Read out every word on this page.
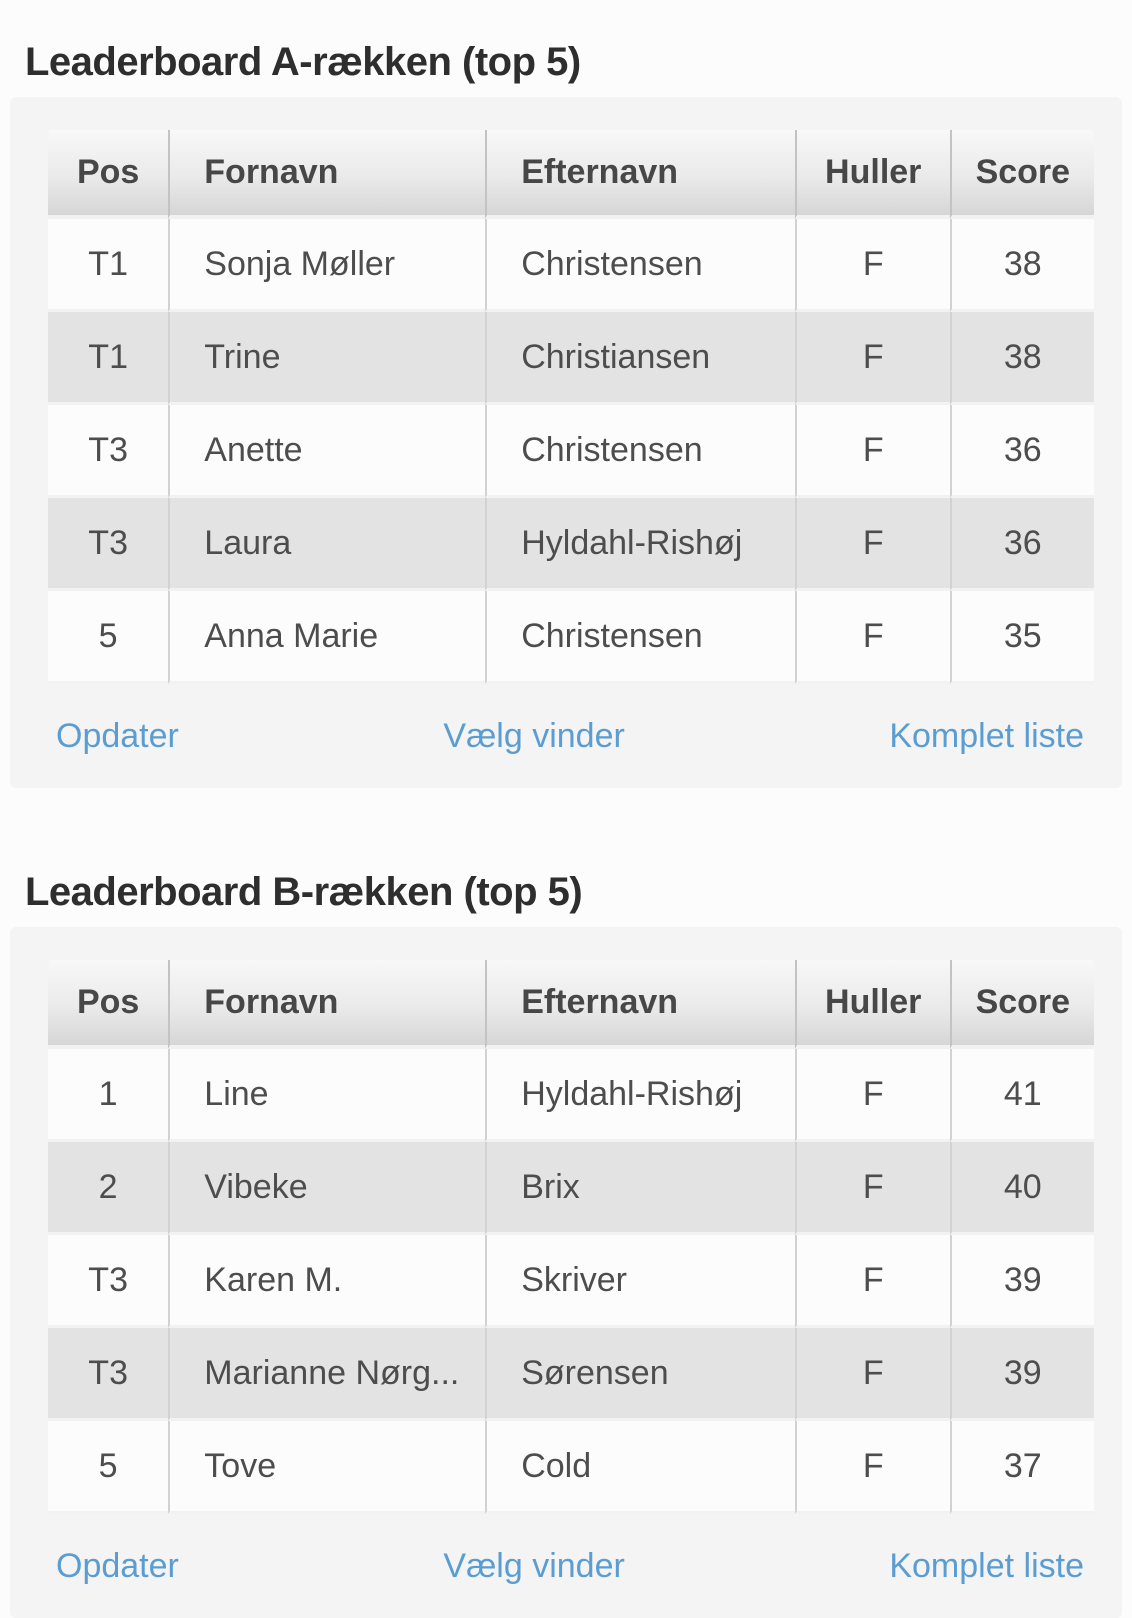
Leaderboard A-rækken (top 5)
Pos	Fornavn	Efternavn	Huller	Score
T1	Sonja Møller	Christensen	F	38
T1	Trine	Christiansen	F	38
T3	Anette	Christensen	F	36
T3	Laura	Hyldahl-Rishøj	F	36
5	Anna Marie	Christensen	F	35
Opdater	Vælg vinder	Komplet liste
Leaderboard B-rækken (top 5)
Pos	Fornavn	Efternavn	Huller	Score
1	Line	Hyldahl-Rishøj	F	41
2	Vibeke	Brix	F	40
T3	Karen M.	Skriver	F	39
T3	Marianne Nørg...	Sørensen	F	39
5	Tove	Cold	F	37
Opdater	Vælg vinder	Komplet liste
